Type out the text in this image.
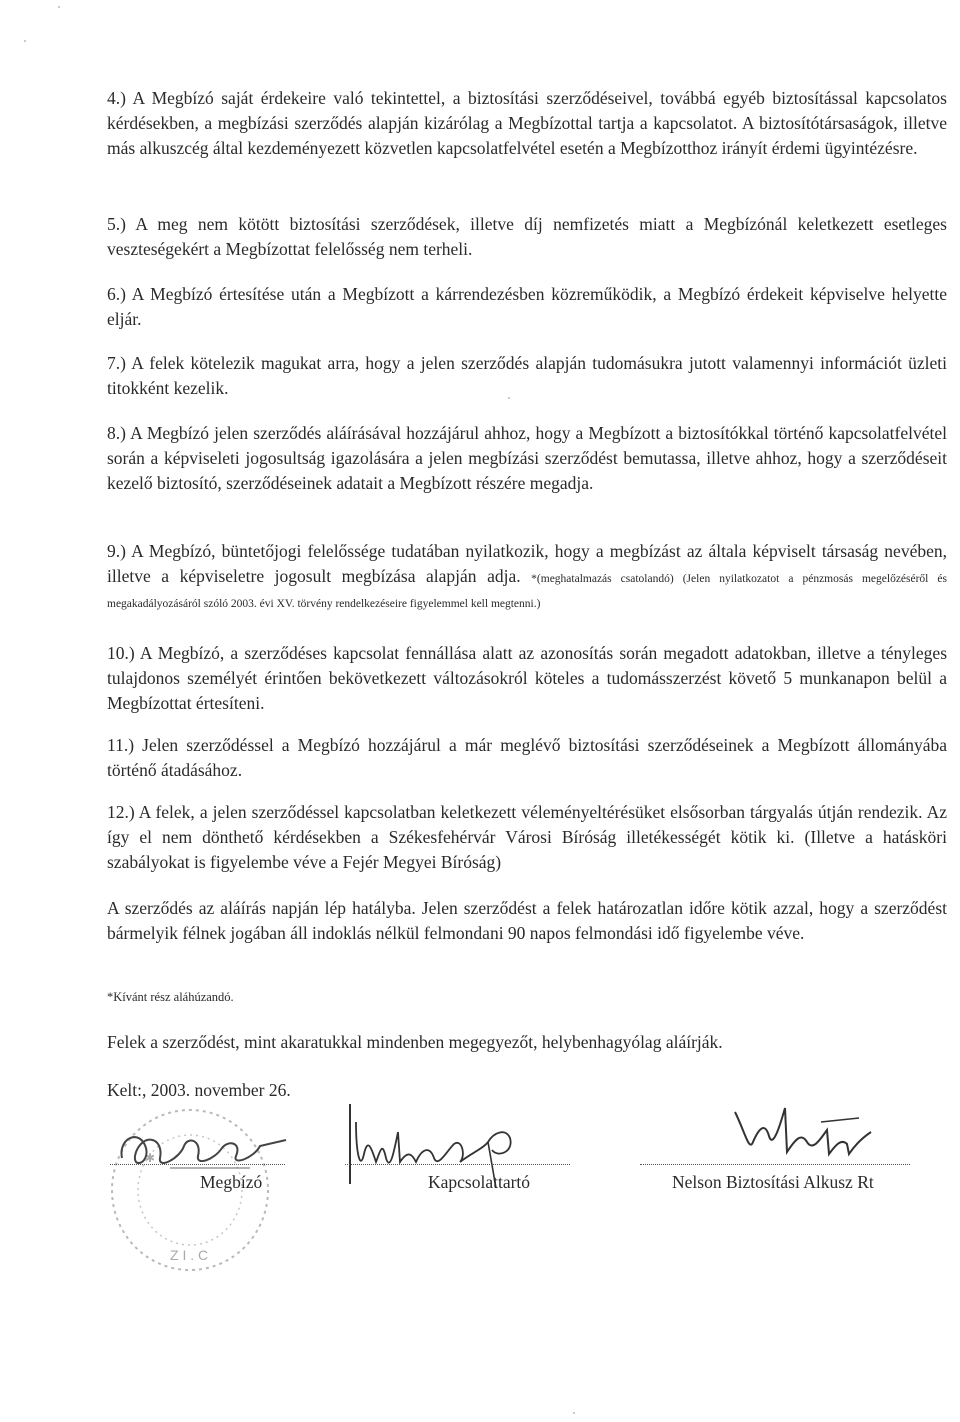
4.) A Megbízó saját érdekeire való tekintettel, a biztosítási szerződéseivel, továbbá egyéb biztosítással kapcsolatos kérdésekben, a megbízási szerződés alapján kizárólag a Megbízottal tartja a kapcsolatot. A biztosítótársaságok, illetve más alkuszcég által kezdeményezett közvetlen kapcsolatfelvétel esetén a Megbízotthoz irányít érdemi ügyintézésre.
5.) A meg nem kötött biztosítási szerződések, illetve díj nemfizetés miatt a Megbízónál keletkezett esetleges veszteségekért a Megbízottat felelősség nem terheli.
6.) A Megbízó értesítése után a Megbízott a kárrendezésben közreműködik, a Megbízó érdekeit képviselve helyette eljár.
7.) A felek kötelezik magukat arra, hogy a jelen szerződés alapján tudomásukra jutott valamennyi információt üzleti titokként kezelik.
8.) A Megbízó jelen szerződés aláírásával hozzájárul ahhoz, hogy a Megbízott a biztosítókkal történő kapcsolatfelvétel során a képviseleti jogosultság igazolására a jelen megbízási szerződést bemutassa, illetve ahhoz, hogy a szerződéseit kezelő biztosító, szerződéseinek adatait a Megbízott részére megadja.
9.) A Megbízó, büntetőjogi felelőssége tudatában nyilatkozik, hogy a megbízást az általa képviselt társaság nevében, illetve a képviseletre jogosult megbízása alapján adja. *(meghatalmazás csatolandó) (Jelen nyilatkozatot a pénzmosás megelőzéséről és megakadályozásáról szóló 2003. évi XV. törvény rendelkezéseire figyelemmel kell megtenni.)
10.) A Megbízó, a szerződéses kapcsolat fennállása alatt az azonosítás során megadott adatokban, illetve a tényleges tulajdonos személyét érintően bekövetkezett változásokról köteles a tudomásszerzést követő 5 munkanapon belül a Megbízottat értesíteni.
11.) Jelen szerződéssel a Megbízó hozzájárul a már meglévő biztosítási szerződéseinek a Megbízott állományába történő átadásához.
12.) A felek, a jelen szerződéssel kapcsolatban keletkezett véleményeltérésüket elsősorban tárgyalás útján rendezik. Az így el nem dönthető kérdésekben a Székesfehérvár Városi Bíróság illetékességét kötik ki. (Illetve a hatásköri szabályokat is figyelembe véve a Fejér Megyei Bíróság)
A szerződés az aláírás napján lép hatályba. Jelen szerződést a felek határozatlan időre kötik azzal, hogy a szerződést bármelyik félnek jogában áll indoklás nélkül felmondani 90 napos felmondási idő figyelembe véve.
*Kívánt rész aláhúzandó.
Felek a szerződést, mint akaratukkal mindenben megegyezőt, helybenhagyólag aláírják.
Kelt:, 2003. november 26.
✱
Z I . C
Megbízó	Kapcsolattartó	Nelson Biztosítási Alkusz Rt
